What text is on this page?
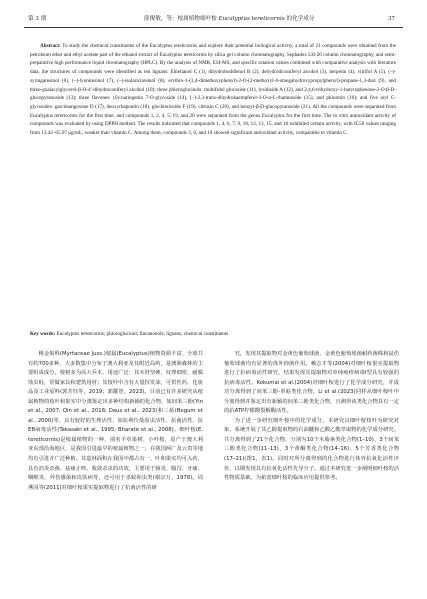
第 3 期	薛俊敏，等：桉属植物细叶桉 Eucalyptus tereticornis 的化学成分	37
Abstract: To study the chemical constituents of the Eucalyptus tereticornis and explore their potential biological activity, a total of 21 compounds were obtained from the petroleum ether and ethyl acetate part of the ethanol extract of Eucalyptus tereticornis by silica gel column chromatography, Sephadex LH-20 column chromatography, and semi-preparative high performance liquid chromatography (HPLC). By the analysis of NMR, ESI-MS, and specific rotation values combined with comparative analysis with literature data, the structures of compounds were identified as ten lignans: Ehletianol C (1), dihydrobuddlenol B (2), dehydrodiconiferyl alcohol (3), herpetin (4), vitrifol A (5), (–)-syringaresinol (6), (–)-lyoniresinol (7), (–)-isolariciresinol (8), erythro-1-(3,4-dimethoxyphenyl)-2-O-(2-methoxyl-4-omegahydroxypropylphenyl)-propane-1,3-diol (9), and threo-guaiacylglycerol-β-O-4'-dihydroconiferyl alcohol (10); three phloroglucinols: multifidol glucoside (11), lysidiside A (12), and 2,4,6-trihydroxy-1-butyrophenone-2-O-β-D-glucopyranoside (13); three flavones: (S)-naringenin 7-O-glycoside (14), (–)-2,3-trans-dihydrokaempferol-3-O-α-L-rhamnoside (15), and phloretin (16); and five aryl C-glycosides: garcimangosone D (17), deoxyrhapontin (18), glochierioside F (19), citrusin C (20), and benzyl-β-D-glucopyranoside (21). All the compounds were separated from Eucalyptus tereticornis for the first time, and compounds 1, 2, 4, 5, 19, and 20 were separated from the genus Eucalyptus for the first time. The in vitro antioxidant activity of compounds was evaluated by using DPPH method. The results indicated that compounds 1, 4, 6, 7, 9, 10, 12, 13, 15, and 16 exhibited certain activity, with IC50 values ranging from 13.42–65.97 μg/mL, weaker than vitamin C. Among them, compounds 3, 6, and 10 showed significant antioxidant activity, comparable to vitamin C.
Key words: Eucalyptus tereticornis; phloroglucinol; flavanonols; lignans; chemical constituents

桃金娘科(Myrtaceae Juss.)桉属(Eucalyptus)植物资源丰富，全球共有约700多种，大多数集中分布于澳大利亚及其附近岛屿，是澳洲森林的主要组成成分。桉树多为高大乔木，用途广泛：其木材坚硬、纹理细密，耐腐蚀虫蛀，常做家具和建筑用材；其枝叶中含有大量挥发油，可供医药、化妆品及工业原料(郭芳钰等，2019；郭耀登，2023)。目前已有许多研究从桉属植物的枝叶和果实中分离鉴定出多种结构新颖的化合物，如间苯三酚(Yin et al., 2007; Qin et al., 2018; Daus et al., 2023)和三萜(Begum et al., 2000)等，具有较好的生理活性，如抗利什曼原虫活性、抗菌活性、抗EB病毒活性(Takasaki et al., 1995; Bharate et al., 2008)。细叶桉(E. tereticornis)是桉属植物的一种，别名羊草果树、小叶桉，原产于澳大利亚东部沿海地区，是我国引进最早的桉属植物之一，在我国两广及云贵等地均有引进并广泛种植。其造林面积在我国中都占有一，叶和果实均可入药，具有消炎杀菌、祛痰止咳、收敛杀虫的功效，主要用于肠炎、腹泻、牙痛、咽喉炎、外伤感染和皮肤病等，还可用于杀蚊和虫类(谢宗万，1978)。周燕园等(2011)对细叶桉果实提取物进行了抗菌活性的研

究，发现其提取物对金黄色葡萄球菌、金黄色葡萄球菌耐药菌株和鼠伤葡萄球菌均有显著的体外抑菌作用。赖志才等(2004)对细叶桉果实提取物进行了抗病毒活性研究，结果发现其提取物对单纯疱疹病毒Ⅰ型具有较强的抗病毒活性。Kokumai et al.(2004)对细叶桉进行了化学成分研究，并成功分离得到了间苯三酚-单萜类化合物。Li et al.(2023)同样从细叶桉叶中分离得到并鉴定出有新颖的间苯三酚类化合物，且测得该类化合物具有一定的抗ATP柠檬酸裂解酶活性。

为了进一步研究细叶桉中的化学成分，本研究以细叶桉枝叶为研究对象，系统开展了其乙醇提取物的石油醚和乙酸乙酯萃取物的化学成分研究。共分离得到了21个化合物，分别为10个木脂素类化合物(1–10)、3个间苯三酚类化合物(11–13)、3个黄酮类化合物(14–16)、5个芳香类化合物(17–21)(图1，表1)。同时对所分离得到的化合物进行体外抗氧化活性评价，以期发现具有抗氧化活性先导分子。通过本研究进一步阐明细叶桉的活性物质基础，为拓宽细叶桉的临床应用提供参考。
